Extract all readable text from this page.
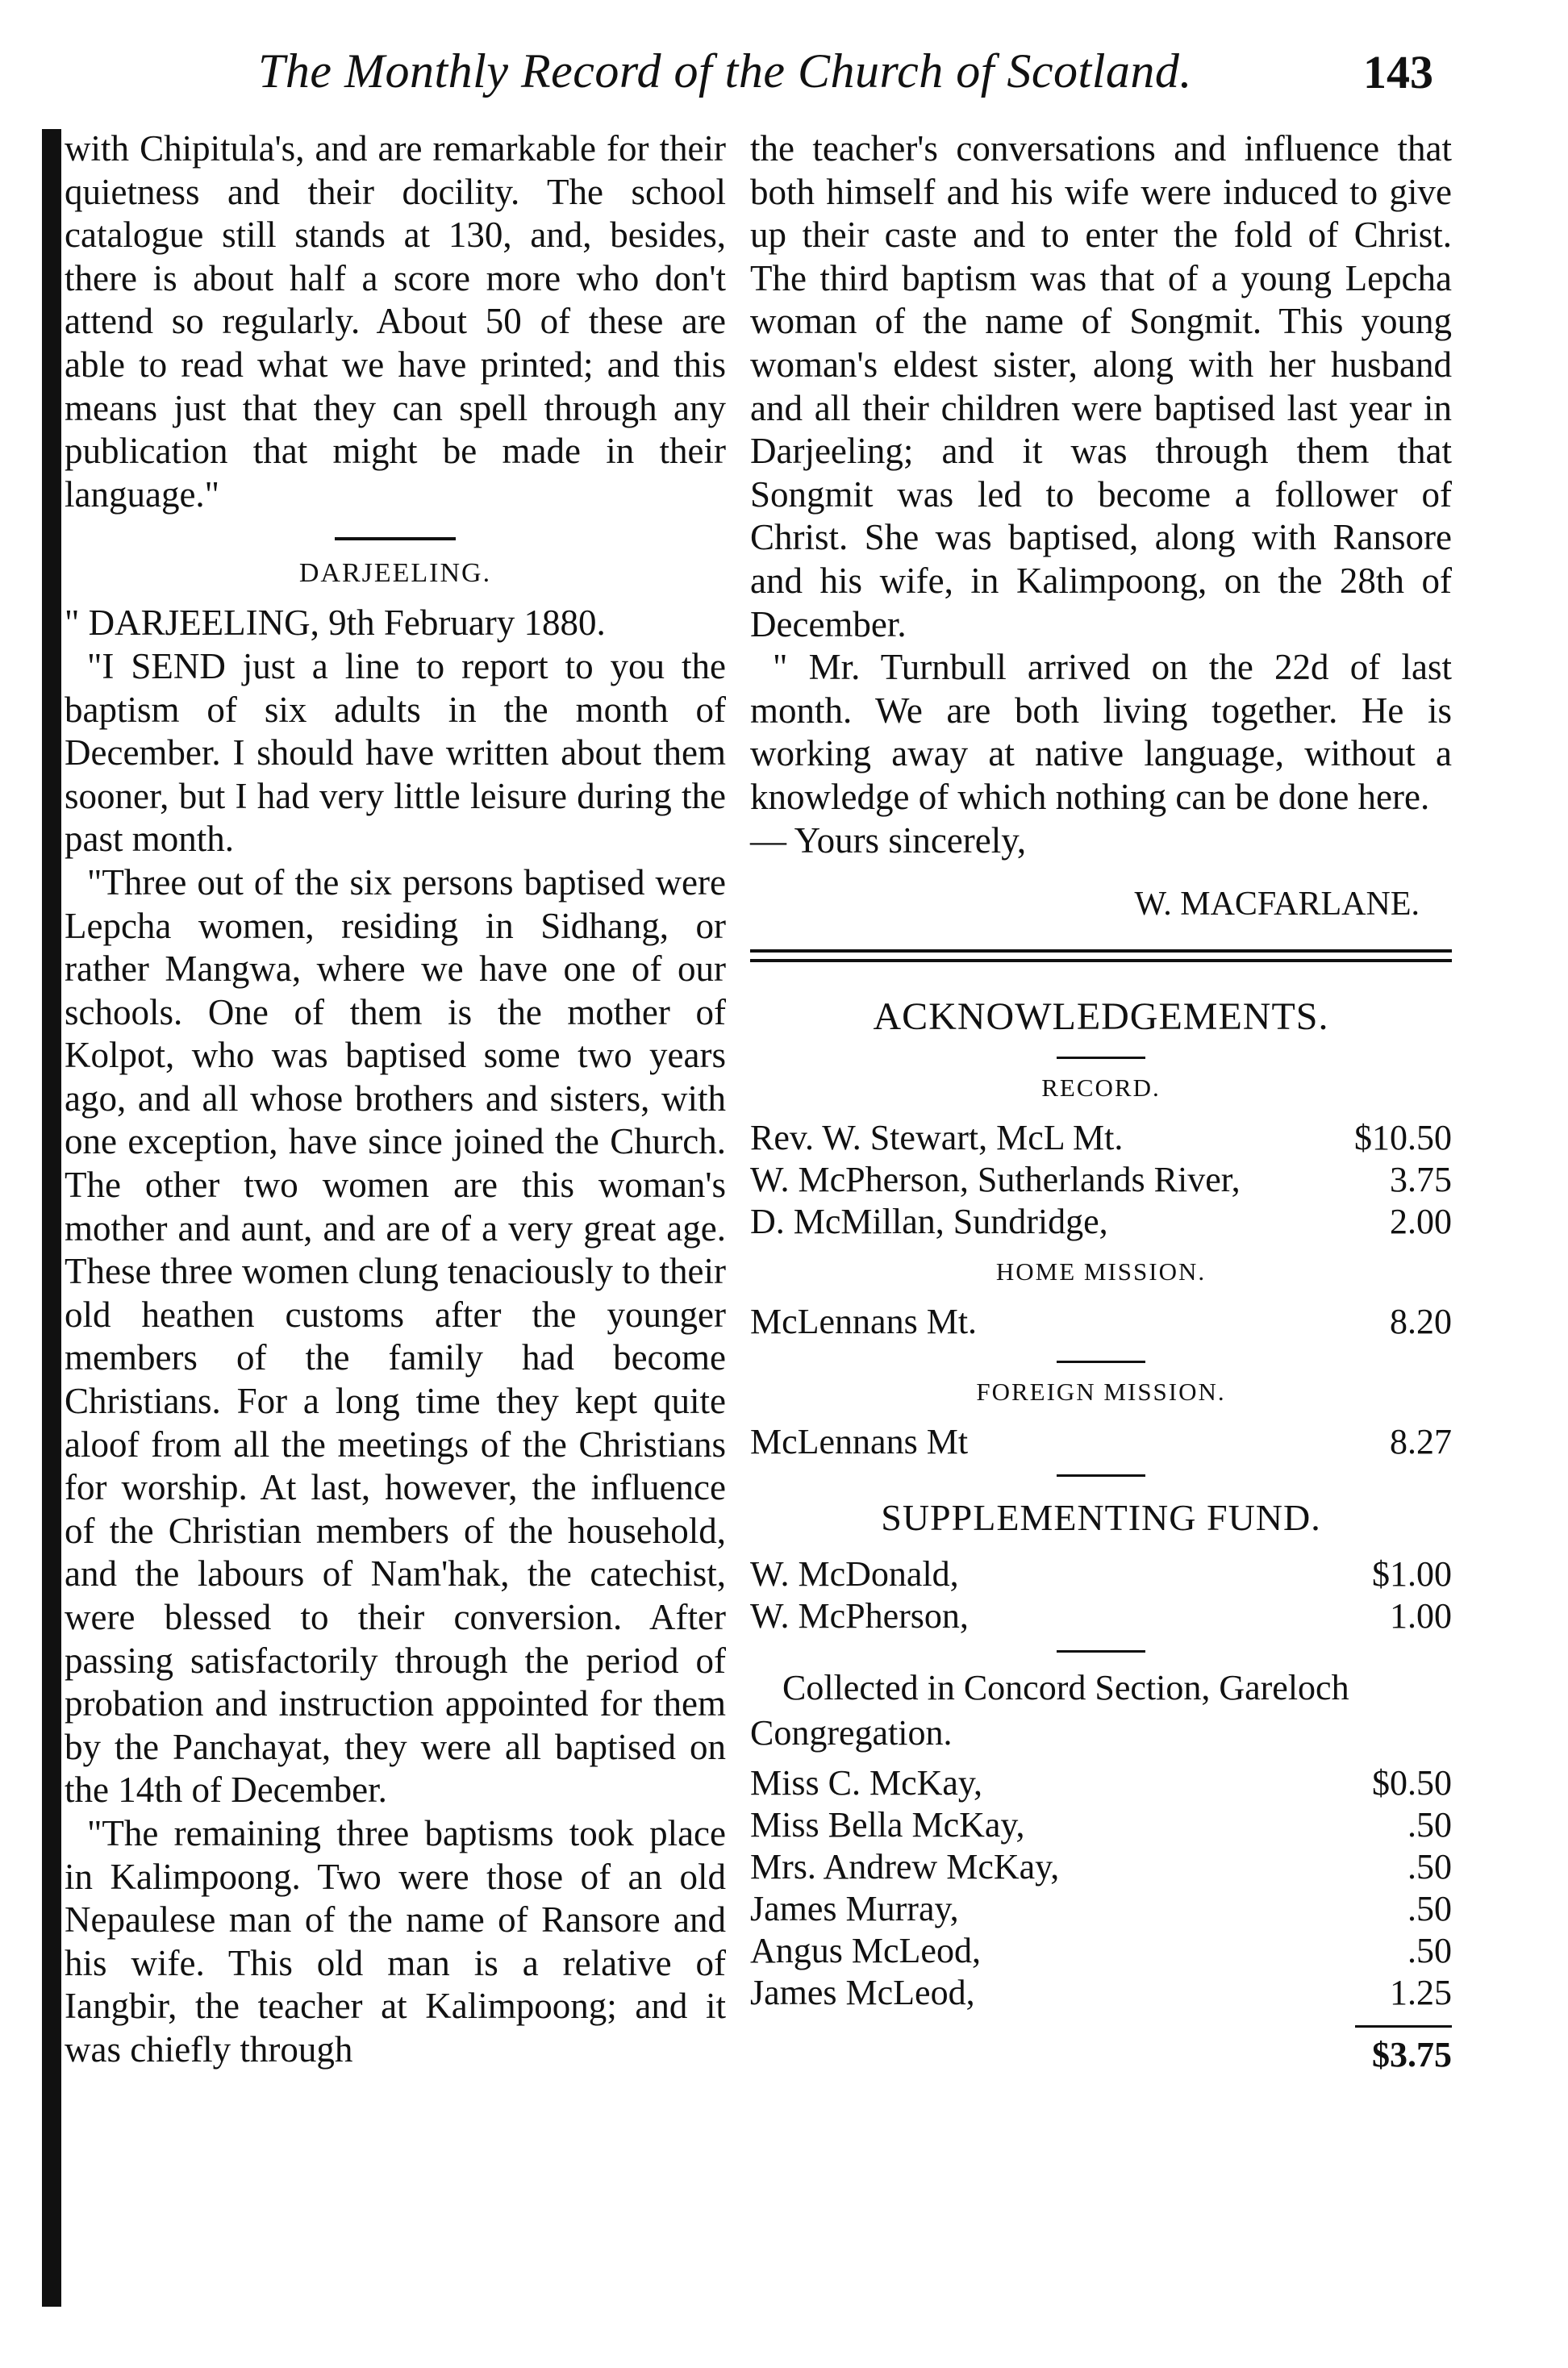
The Monthly Record of the Church of Scotland.	143

with Chipitula's, and are remarkable for their quietness and their docility. The school catalogue still stands at 130, and, besides, there is about half a score more who don't attend so regularly. About 50 of these are able to read what we have printed; and this means just that they can spell through any publication that might be made in their language."

DARJEELING.

" DARJEELING, 9th February 1880.

"I SEND just a line to report to you the baptism of six adults in the month of December. I should have written about them sooner, but I had very little leisure during the past month.

"Three out of the six persons baptised were Lepcha women, residing in Sidhang, or rather Mangwa, where we have one of our schools. One of them is the mother of Kolpot, who was baptised some two years ago, and all whose brothers and sisters, with one exception, have since joined the Church. The other two women are this woman's mother and aunt, and are of a very great age. These three women clung tenaciously to their old heathen customs after the younger members of the family had become Christians. For a long time they kept quite aloof from all the meetings of the Christians for worship. At last, however, the influence of the Christian members of the household, and the labours of Nam'hak, the catechist, were blessed to their conversion. After passing satisfactorily through the period of probation and instruction appointed for them by the Panchayat, they were all baptised on the 14th of December.

"The remaining three baptisms took place in Kalimpoong. Two were those of an old Nepaulese man of the name of Ransore and his wife. This old man is a relative of Iangbir, the teacher at Kalimpoong; and it was chiefly through

the teacher's conversations and influence that both himself and his wife were induced to give up their caste and to enter the fold of Christ. The third baptism was that of a young Lepcha woman of the name of Songmit. This young woman's eldest sister, along with her husband and all their children were baptised last year in Darjeeling; and it was through them that Songmit was led to become a follower of Christ. She was baptised, along with Ransore and his wife, in Kalimpoong, on the 28th of December.

" Mr. Turnbull arrived on the 22d of last month. We are both living together. He is working away at native language, without a knowledge of which nothing can be done here.

— Yours sincerely,

W. MACFARLANE.
ACKNOWLEDGEMENTS.
RECORD.
Rev. W. Stewart, McL Mt.	$10.50
W. McPherson, Sutherlands River,	3.75
D. McMillan, Sundridge,	2.00
HOME MISSION.
McLennans Mt.	8.20
FOREIGN MISSION.
McLennans Mt	8.27
SUPPLEMENTING FUND.
W. McDonald,	$1.00
W. McPherson,	1.00

Collected in Concord Section, Gareloch Congregation.

Miss C. McKay,	$0.50
Miss Bella McKay,	.50
Mrs. Andrew McKay,	.50
James Murray,	.50
Angus McLeod,	.50
James McLeod,	1.25
$3.75
